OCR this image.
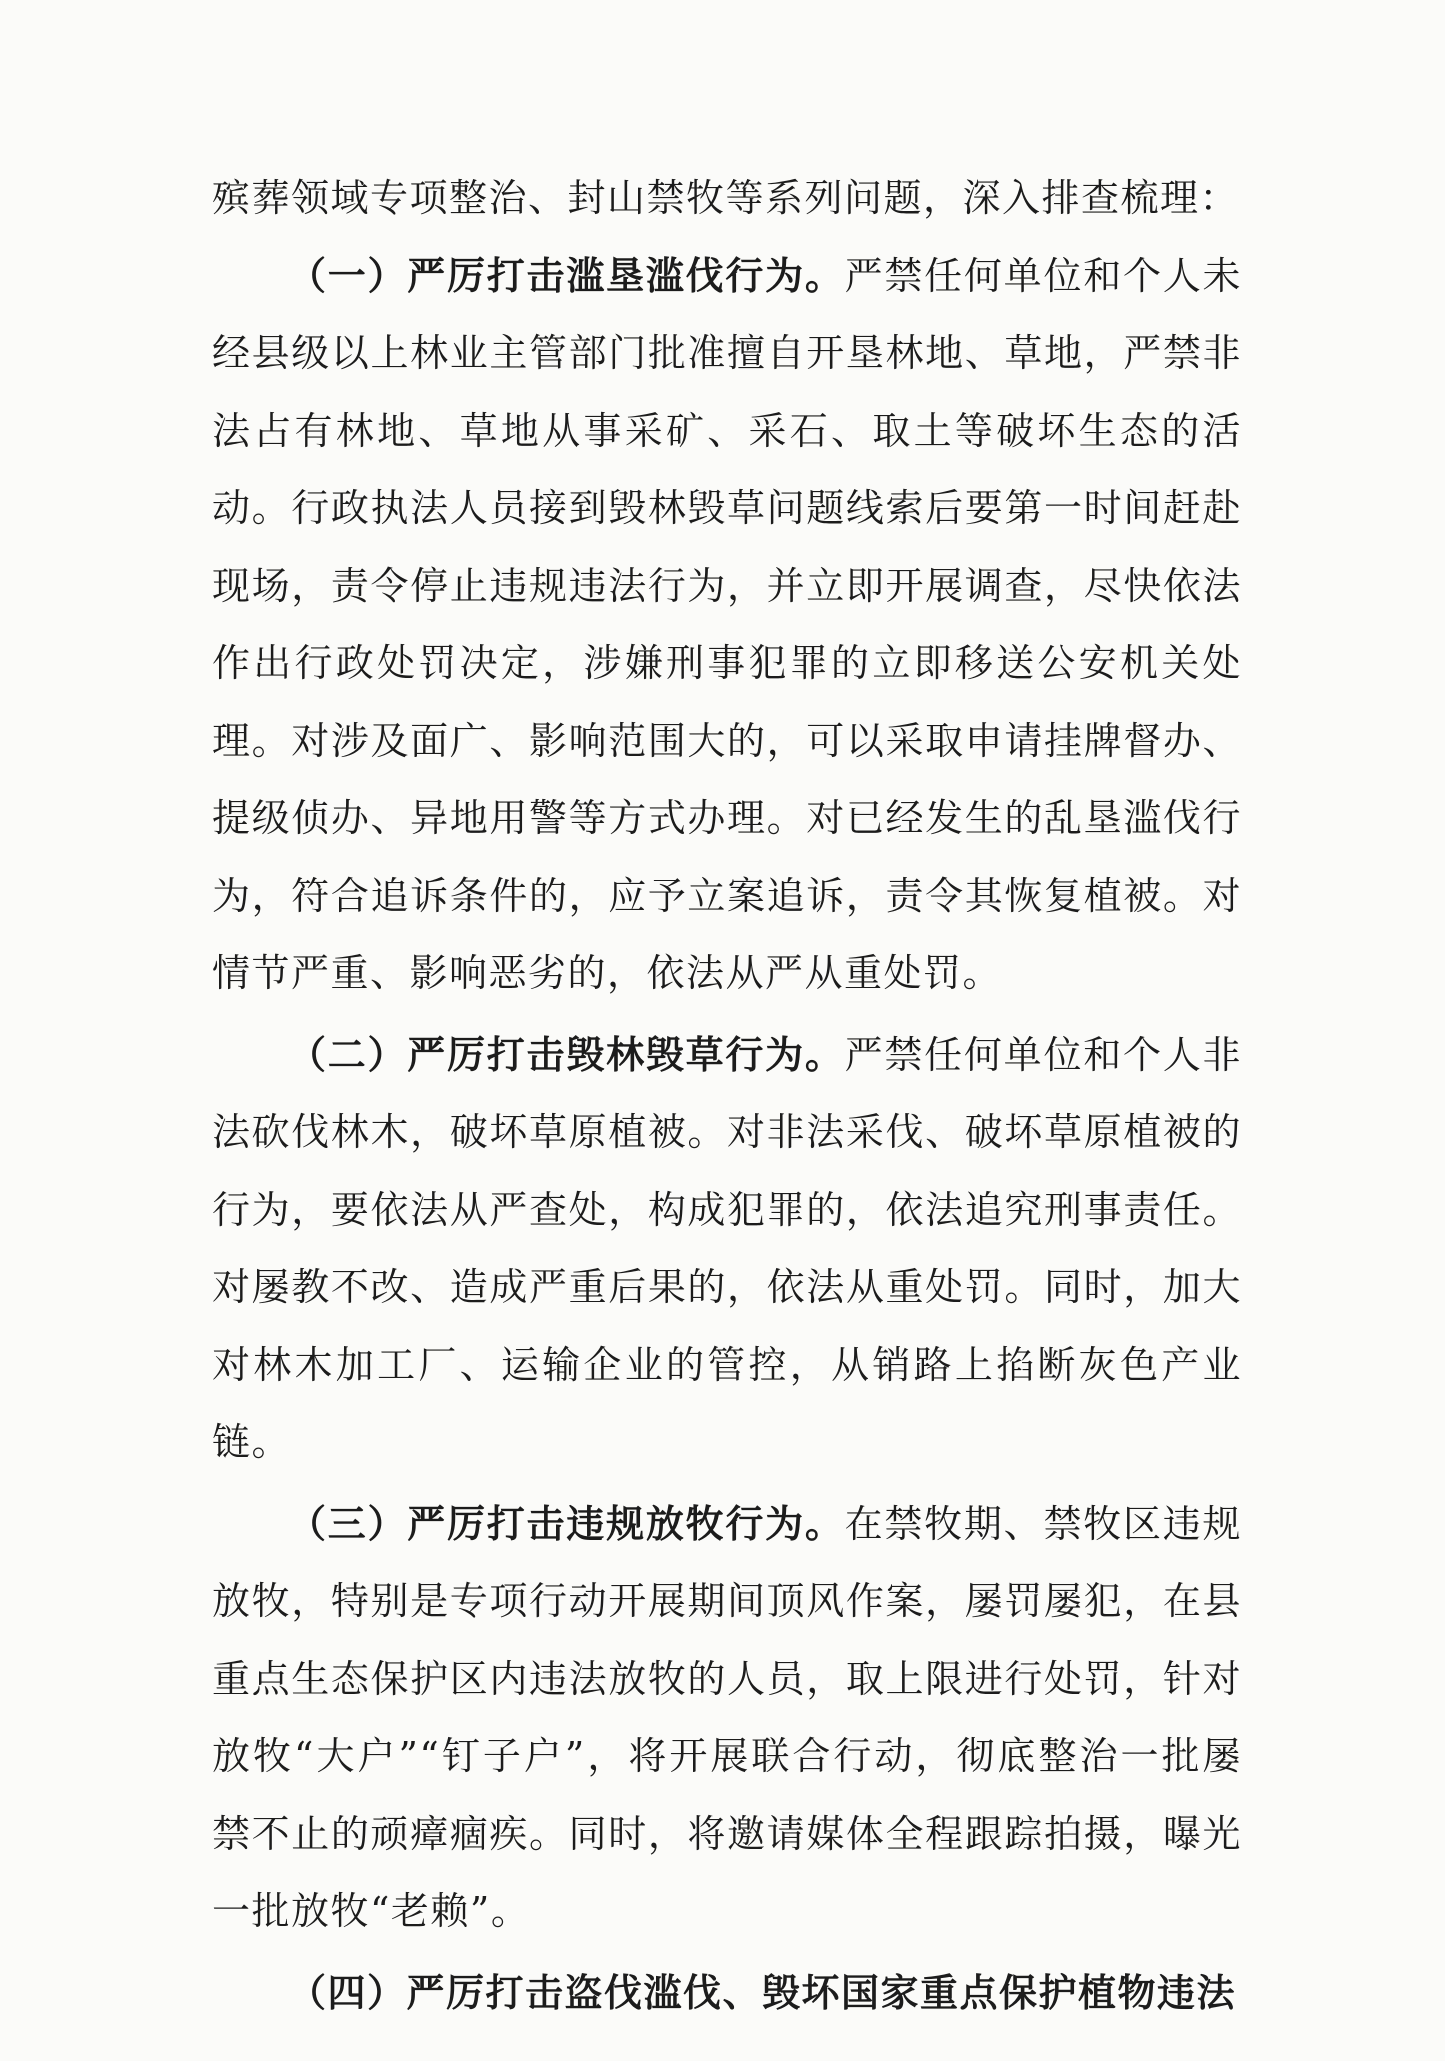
殡葬领域专项整治、封山禁牧等系列问题，深入排查梳理：

（一）严厉打击滥垦滥伐行为。严禁任何单位和个人未经县级以上林业主管部门批准擅自开垦林地、草地，严禁非法占有林地、草地从事采矿、采石、取土等破坏生态的活动。行政执法人员接到毁林毁草问题线索后要第一时间赶赴现场，责令停止违规违法行为，并立即开展调查，尽快依法作出行政处罚决定，涉嫌刑事犯罪的立即移送公安机关处理。对涉及面广、影响范围大的，可以采取申请挂牌督办、提级侦办、异地用警等方式办理。对已经发生的乱垦滥伐行为，符合追诉条件的，应予立案追诉，责令其恢复植被。对情节严重、影响恶劣的，依法从严从重处罚。

（二）严厉打击毁林毁草行为。严禁任何单位和个人非法砍伐林木，破坏草原植被。对非法采伐、破坏草原植被的行为，要依法从严查处，构成犯罪的，依法追究刑事责任。对屡教不改、造成严重后果的，依法从重处罚。同时，加大对林木加工厂、运输企业的管控，从销路上掐断灰色产业链。

（三）严厉打击违规放牧行为。在禁牧期、禁牧区违规放牧，特别是专项行动开展期间顶风作案，屡罚屡犯，在县重点生态保护区内违法放牧的人员，取上限进行处罚，针对放牧“大户”“钉子户”，将开展联合行动，彻底整治一批屡禁不止的顽瘴痼疾。同时，将邀请媒体全程跟踪拍摄，曝光一批放牧“老赖”。

（四）严厉打击盗伐滥伐、毁坏国家重点保护植物违法
